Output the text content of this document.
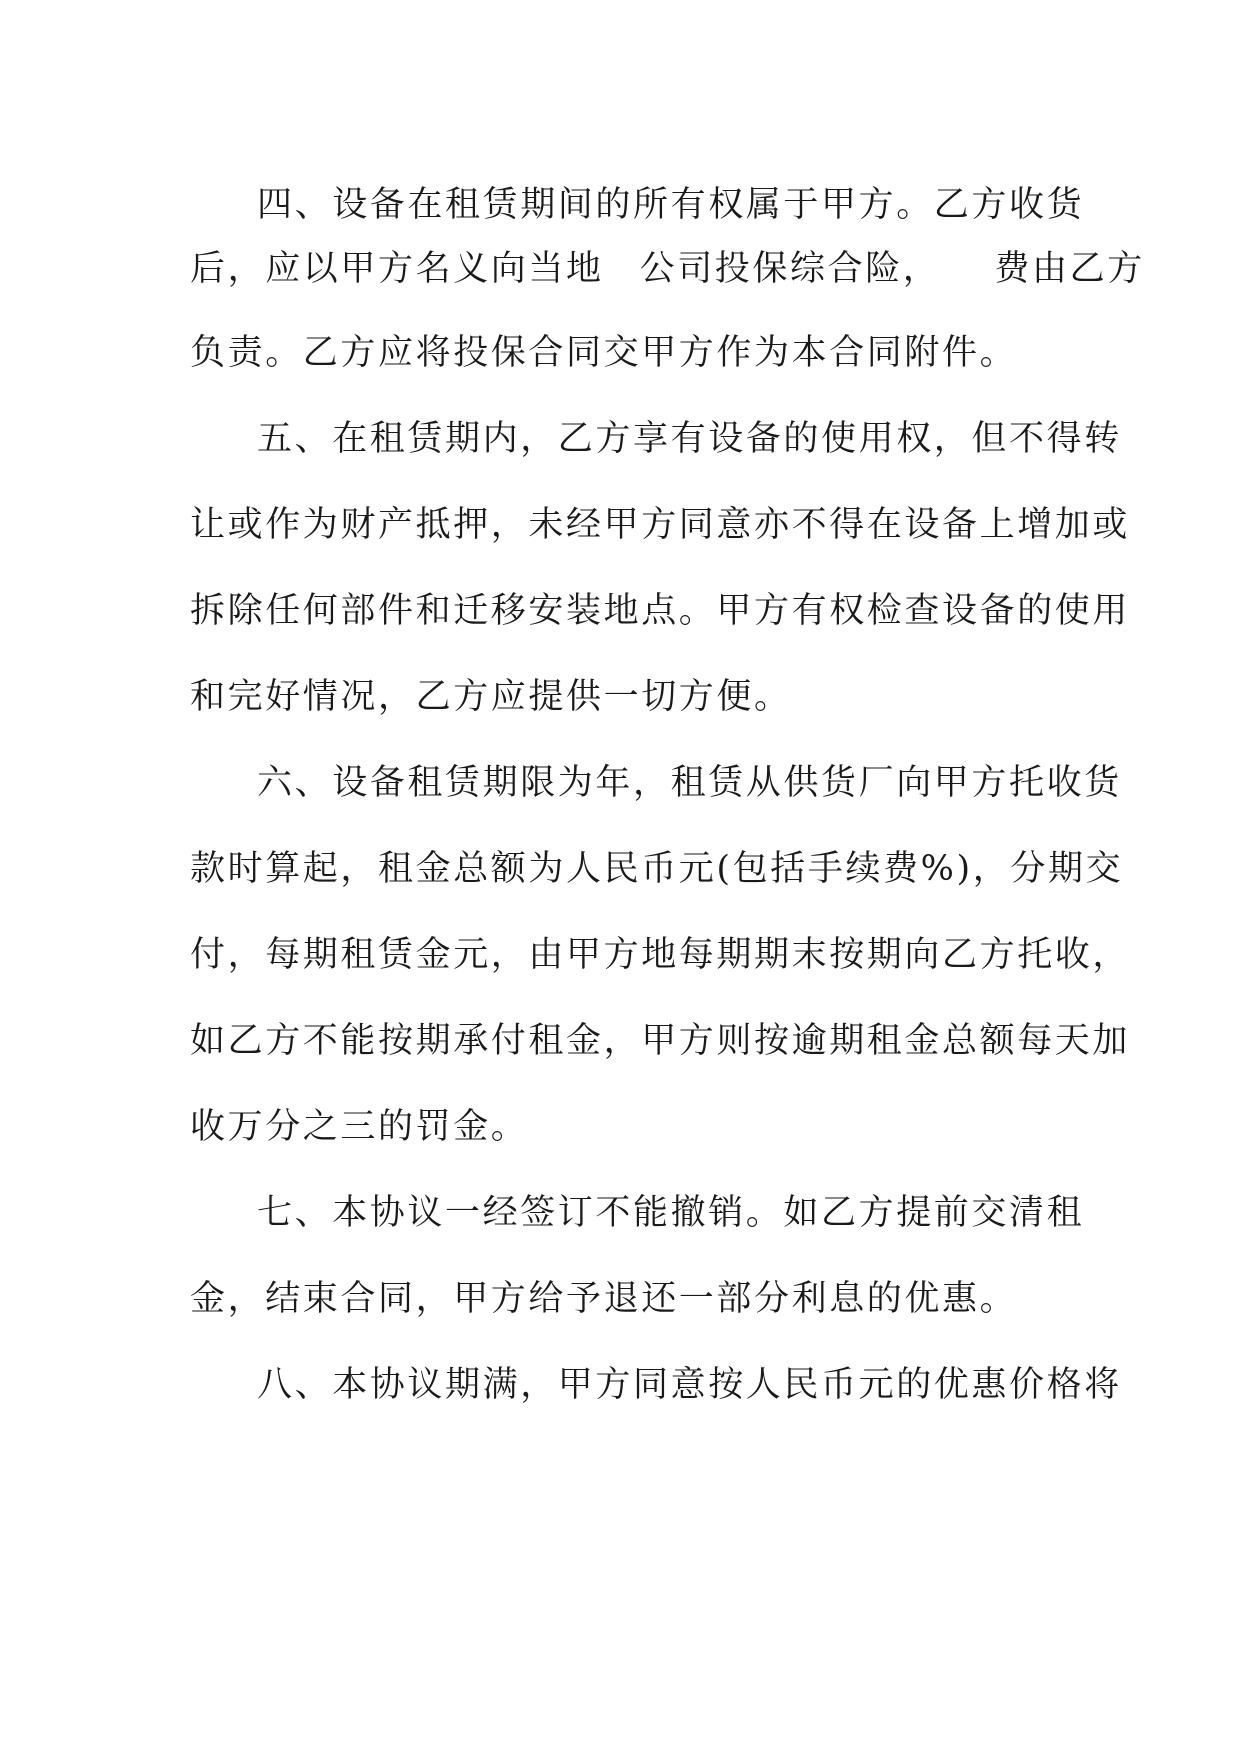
四、设备在租赁期间的所有权属于甲方。乙方收货
后，应以甲方名义向当地 公司投保综合险， 费由乙方
负责。乙方应将投保合同交甲方作为本合同附件。
五、在租赁期内，乙方享有设备的使用权，但不得转
让或作为财产抵押，未经甲方同意亦不得在设备上增加或
拆除任何部件和迁移安装地点。甲方有权检查设备的使用
和完好情况，乙方应提供一切方便。
六、设备租赁期限为年，租赁从供货厂向甲方托收货
款时算起，租金总额为人民币元(包括手续费%)，分期交
付，每期租赁金元，由甲方地每期期末按期向乙方托收，
如乙方不能按期承付租金，甲方则按逾期租金总额每天加
收万分之三的罚金。
七、本协议一经签订不能撤销。如乙方提前交清租
金，结束合同，甲方给予退还一部分利息的优惠。
八、本协议期满，甲方同意按人民币元的优惠价格将
